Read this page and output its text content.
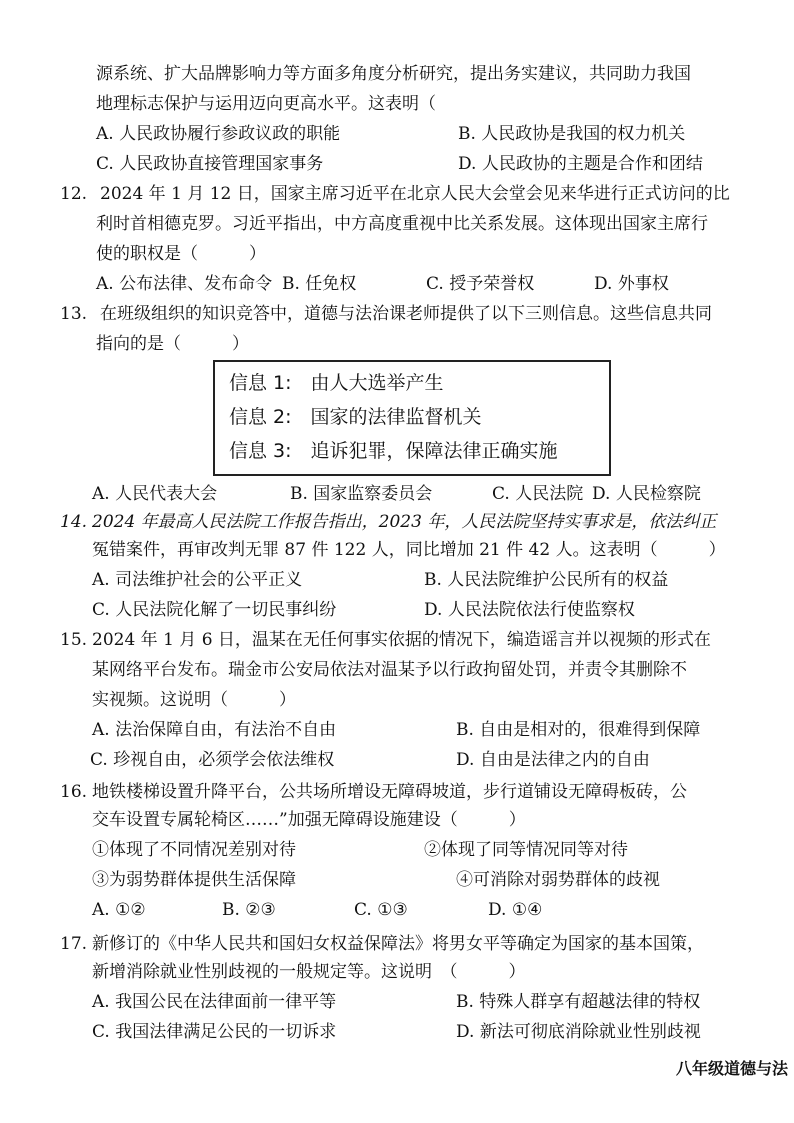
源系统、扩大品牌影响力等方面多角度分析研究，提出务实建议，共同助力我国
地理标志保护与运用迈向更高水平。这表明（
A. 人民政协履行参政议政的职能	B. 人民政协是我国的权力机关
C. 人民政协直接管理国家事务	D. 人民政协的主题是合作和团结
12. 2024 年 1 月 12 日，国家主席习近平在北京人民大会堂会见来华进行正式访问的比
利时首相德克罗。习近平指出，中方高度重视中比关系发展。这体现出国家主席行
使的职权是（　　　）
A. 公布法律、发布命令 B. 任免权	C. 授予荣誉权	D. 外事权
13. 在班级组织的知识竞答中，道德与法治课老师提供了以下三则信息。这些信息共同
指向的是（　　　）
信息 1:　由人大选举产生
信息 2:　国家的法律监督机关
信息 3:　追诉犯罪，保障法律正确实施
A. 人民代表大会	B. 国家监察委员会	C. 人民法院 D. 人民检察院
14. 2024 年最高人民法院工作报告指出，2023 年，人民法院坚持实事求是，依法纠正
冤错案件，再审改判无罪 87 件 122 人，同比增加 21 件 42 人。这表明（　　　）
A. 司法维护社会的公平正义	B. 人民法院维护公民所有的权益
C. 人民法院化解了一切民事纠纷	D. 人民法院依法行使监察权
15. 2024 年 1 月 6 日，温某在无任何事实依据的情况下，编造谣言并以视频的形式在
某网络平台发布。瑞金市公安局依法对温某予以行政拘留处罚，并责令其删除不
实视频。这说明（　　　）
A. 法治保障自由，有法治不自由	B. 自由是相对的，很难得到保障
C. 珍视自由，必须学会依法维权	D. 自由是法律之内的自由
16. 地铁楼梯设置升降平台，公共场所增设无障碍坡道，步行道铺设无障碍板砖，公
交车设置专属轮椅区……”加强无障碍设施建设（　　　）
①体现了不同情况差别对待	②体现了同等情况同等对待
③为弱势群体提供生活保障	④可消除对弱势群体的歧视
A. ①②	B. ②③	C. ①③	D. ①④
17. 新修订的《中华人民共和国妇女权益保障法》将男女平等确定为国家的基本国策，
新增消除就业性别歧视的一般规定等。这说明　（　　　）
A. 我国公民在法律面前一律平等	B. 特殊人群享有超越法律的特权
C. 我国法律满足公民的一切诉求	D. 新法可彻底消除就业性别歧视
八年级道德与法
